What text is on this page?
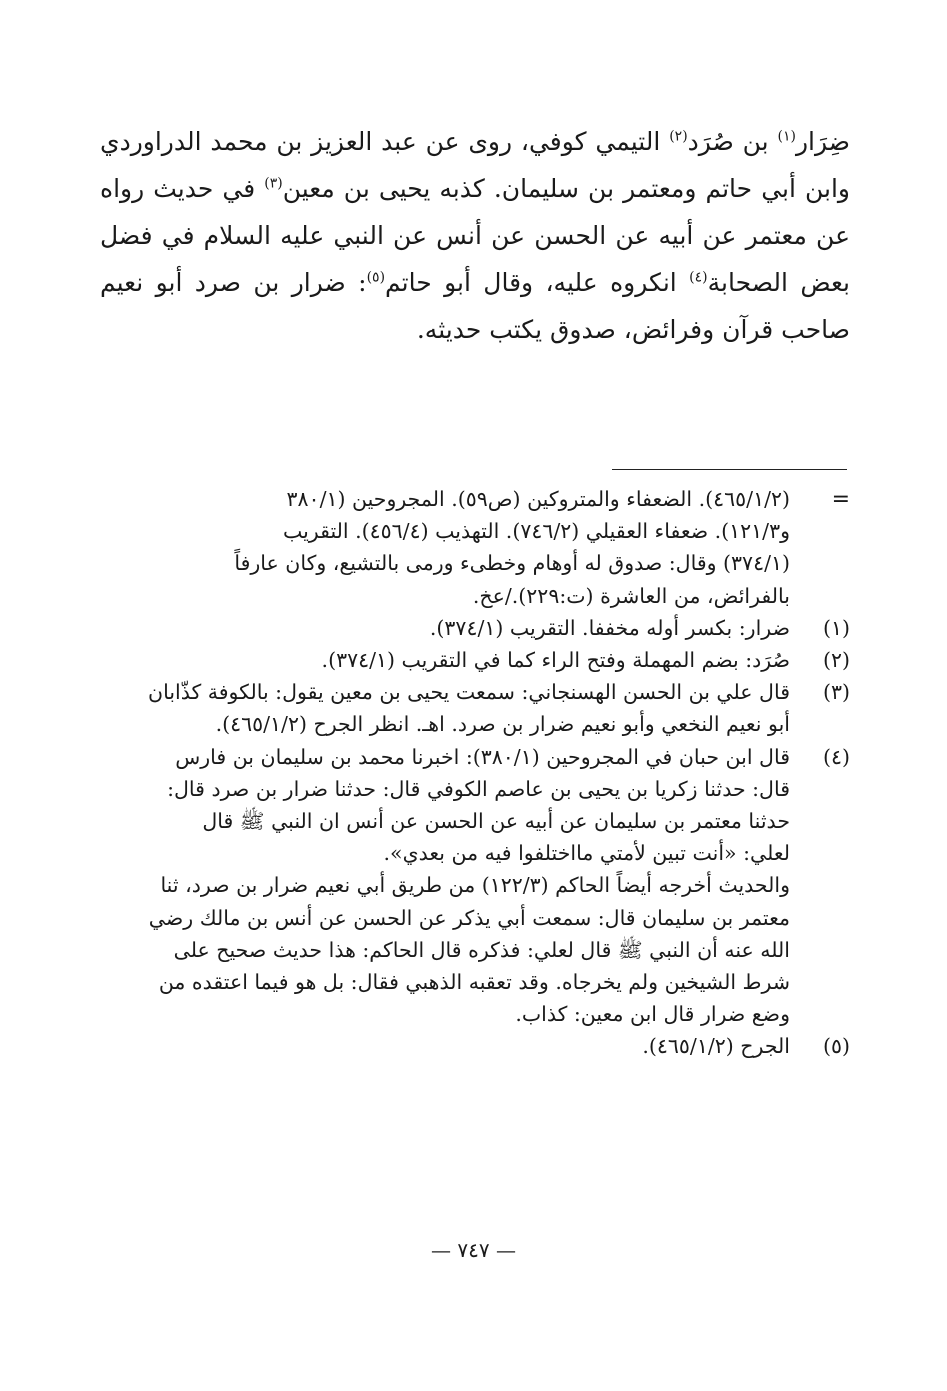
ضِرَار$^{(١)}$ بن صُرَد$^{(٢)}$ التيمي كوفي، روى عن عبد العزيز بن محمد الدراوردي وابن أبي حاتم ومعتمر بن سليمان. كذبه يحيى بن معين$^{(٣)}$ في حديث رواه عن معتمر عن أبيه عن الحسن عن أنس عن النبي عليه السلام في فضل بعض الصحابة$^{(٤)}$ انكروه عليه، وقال أبو حاتم$^{(٥)}$: ضرار بن صرد أبو نعيم صاحب قرآن وفرائض، صدوق يكتب حديثه.
=
(٤٦٥/١/٢). الضعفاء والمتروكين (ص٥٩). المجروحين (٣٨٠/١
و١٢١/٣). ضعفاء العقيلي (٧٤٦/٢). التهذيب (٤٥٦/٤). التقريب
(٣٧٤/١) وقال: صدوق له أوهام وخطىء ورمى بالتشيع، وكان عارفاً
بالفرائض، من العاشرة (ت:٢٢٩)./عخ.
(١)
ضرار: بكسر أوله مخففا. التقريب (٣٧٤/١).
(٢)
صُرَد: بضم المهملة وفتح الراء كما في التقريب (٣٧٤/١).
(٣)
قال علي بن الحسن الهسنجاني: سمعت يحيى بن معين يقول: بالكوفة كذّابان
أبو نعيم النخعي وأبو نعيم ضرار بن صرد. اهـ. انظر الجرح (٤٦٥/١/٢).
(٤)
قال ابن حبان في المجروحين (٣٨٠/١): اخبرنا محمد بن سليمان بن فارس
قال: حدثنا زكريا بن يحيى بن عاصم الكوفي قال: حدثنا ضرار بن صرد قال:
حدثنا معتمر بن سليمان عن أبيه عن الحسن عن أنس ان النبي ﷺ قال
لعلي: «أنت تبين لأمتي مااختلفوا فيه من بعدي».
والحديث أخرجه أيضاً الحاكم (١٢٢/٣) من طريق أبي نعيم ضرار بن صرد، ثنا
معتمر بن سليمان قال: سمعت أبي يذكر عن الحسن عن أنس بن مالك رضي
الله عنه أن النبي ﷺ قال لعلي: فذكره قال الحاكم: هذا حديث صحيح على
شرط الشيخين ولم يخرجاه. وقد تعقبه الذهبي فقال: بل هو فيما اعتقده من
وضع ضرار قال ابن معين: كذاب.
(٥)
الجرح (٤٦٥/١/٢).
— ٧٤٧ —
